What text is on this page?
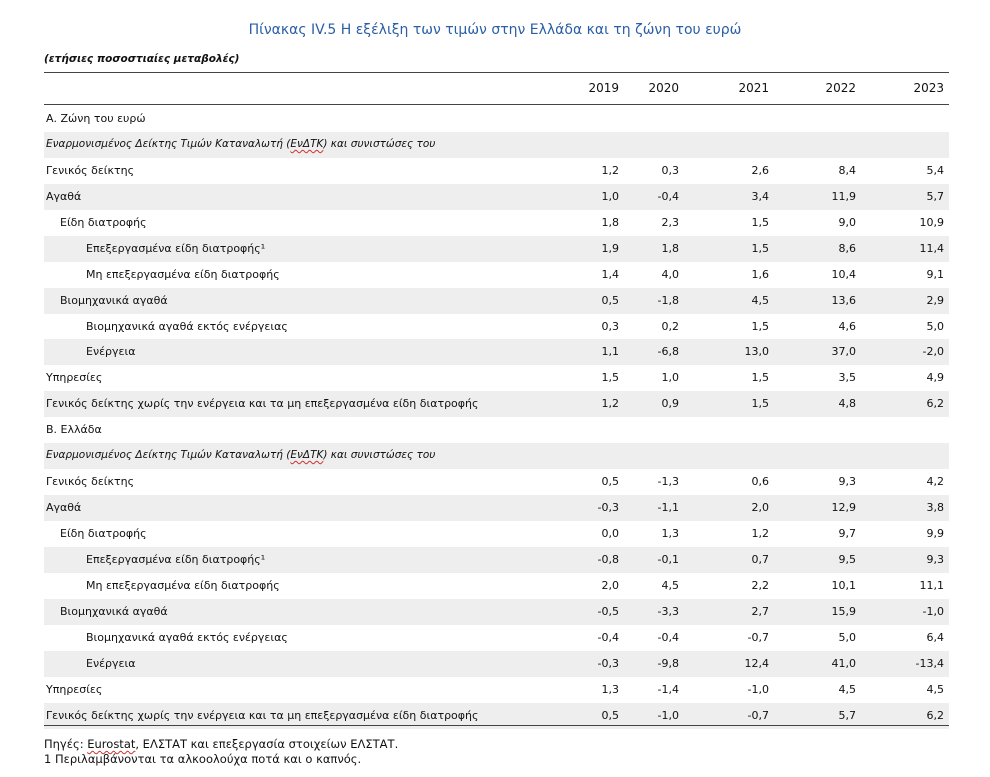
Πίνακας IV.5 Η εξέλιξη των τιμών στην Ελλάδα και τη ζώνη του ευρώ
(ετήσιες ποσοστιαίες μεταβολές)
2019	2020	2021	2022	2023
Α. Ζώνη του ευρώ
Εναρμονισμένος Δείκτης Τιμών Καταναλωτή (ΕνΔΤΚ) και συνιστώσες του
Γενικός δείκτης	1,2	0,3	2,6	8,4	5,4
Αγαθά	1,0	-0,4	3,4	11,9	5,7
Είδη διατροφής	1,8	2,3	1,5	9,0	10,9
Επεξεργασμένα είδη διατροφής¹	1,9	1,8	1,5	8,6	11,4
Μη επεξεργασμένα είδη διατροφής	1,4	4,0	1,6	10,4	9,1
Βιομηχανικά αγαθά	0,5	-1,8	4,5	13,6	2,9
Βιομηχανικά αγαθά εκτός ενέργειας	0,3	0,2	1,5	4,6	5,0
Ενέργεια	1,1	-6,8	13,0	37,0	-2,0
Υπηρεσίες	1,5	1,0	1,5	3,5	4,9
Γενικός δείκτης χωρίς την ενέργεια και τα μη επεξεργασμένα είδη διατροφής	1,2	0,9	1,5	4,8	6,2
Β. Ελλάδα
Εναρμονισμένος Δείκτης Τιμών Καταναλωτή (ΕνΔΤΚ) και συνιστώσες του
Γενικός δείκτης	0,5	-1,3	0,6	9,3	4,2
Αγαθά	-0,3	-1,1	2,0	12,9	3,8
Είδη διατροφής	0,0	1,3	1,2	9,7	9,9
Επεξεργασμένα είδη διατροφής¹	-0,8	-0,1	0,7	9,5	9,3
Μη επεξεργασμένα είδη διατροφής	2,0	4,5	2,2	10,1	11,1
Βιομηχανικά αγαθά	-0,5	-3,3	2,7	15,9	-1,0
Βιομηχανικά αγαθά εκτός ενέργειας	-0,4	-0,4	-0,7	5,0	6,4
Ενέργεια	-0,3	-9,8	12,4	41,0	-13,4
Υπηρεσίες	1,3	-1,4	-1,0	4,5	4,5
Γενικός δείκτης χωρίς την ενέργεια και τα μη επεξεργασμένα είδη διατροφής	0,5	-1,0	-0,7	5,7	6,2
Πηγές: Eurostat, ΕΛΣΤΑΤ και επεξεργασία στοιχείων ΕΛΣΤΑΤ.
1 Περιλαμβάνονται τα αλκοολούχα ποτά και ο καπνός.
